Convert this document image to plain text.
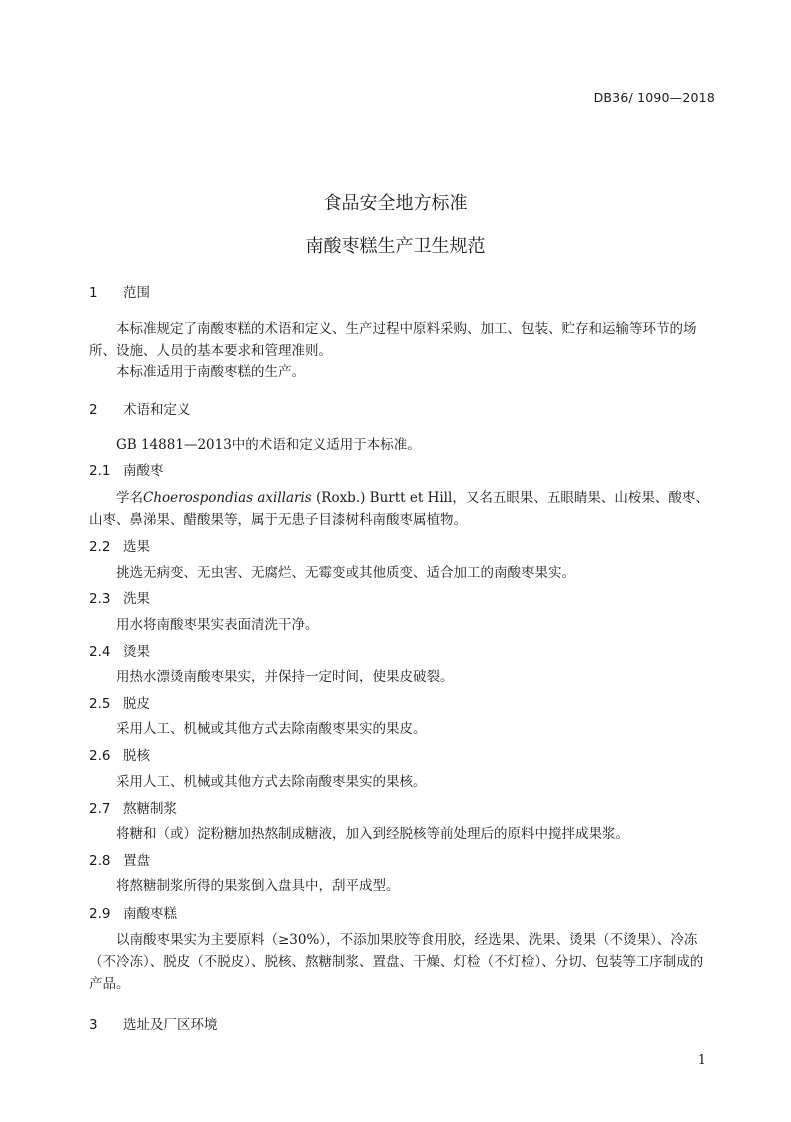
DB36/ 1090—2018
食品安全地方标准
南酸枣糕生产卫生规范
1 范围
本标准规定了南酸枣糕的术语和定义、生产过程中原料采购、加工、包装、贮存和运输等环节的场所、设施、人员的基本要求和管理准则。
本标准适用于南酸枣糕的生产。
2 术语和定义
GB 14881—2013中的术语和定义适用于本标准。
2.1 南酸枣
学名Choerospondias axillaris (Roxb.) Burtt et Hill，又名五眼果、五眼睛果、山桉果、酸枣、山枣、鼻涕果、醋酸果等，属于无患子目漆树科南酸枣属植物。
2.2 选果
挑选无病变、无虫害、无腐烂、无霉变或其他质变、适合加工的南酸枣果实。
2.3 洗果
用水将南酸枣果实表面清洗干净。
2.4 烫果
用热水漂烫南酸枣果实，并保持一定时间，使果皮破裂。
2.5 脱皮
采用人工、机械或其他方式去除南酸枣果实的果皮。
2.6 脱核
采用人工、机械或其他方式去除南酸枣果实的果核。
2.7 熬糖制浆
将糖和（或）淀粉糖加热熬制成糖液，加入到经脱核等前处理后的原料中搅拌成果浆。
2.8 置盘
将熬糖制浆所得的果浆倒入盘具中，刮平成型。
2.9 南酸枣糕
以南酸枣果实为主要原料（≥30%），不添加果胶等食用胶，经选果、洗果、烫果（不烫果）、冷冻（不冷冻）、脱皮（不脱皮）、脱核、熬糖制浆、置盘、干燥、灯检（不灯检）、分切、包装等工序制成的产品。
3 选址及厂区环境
1
